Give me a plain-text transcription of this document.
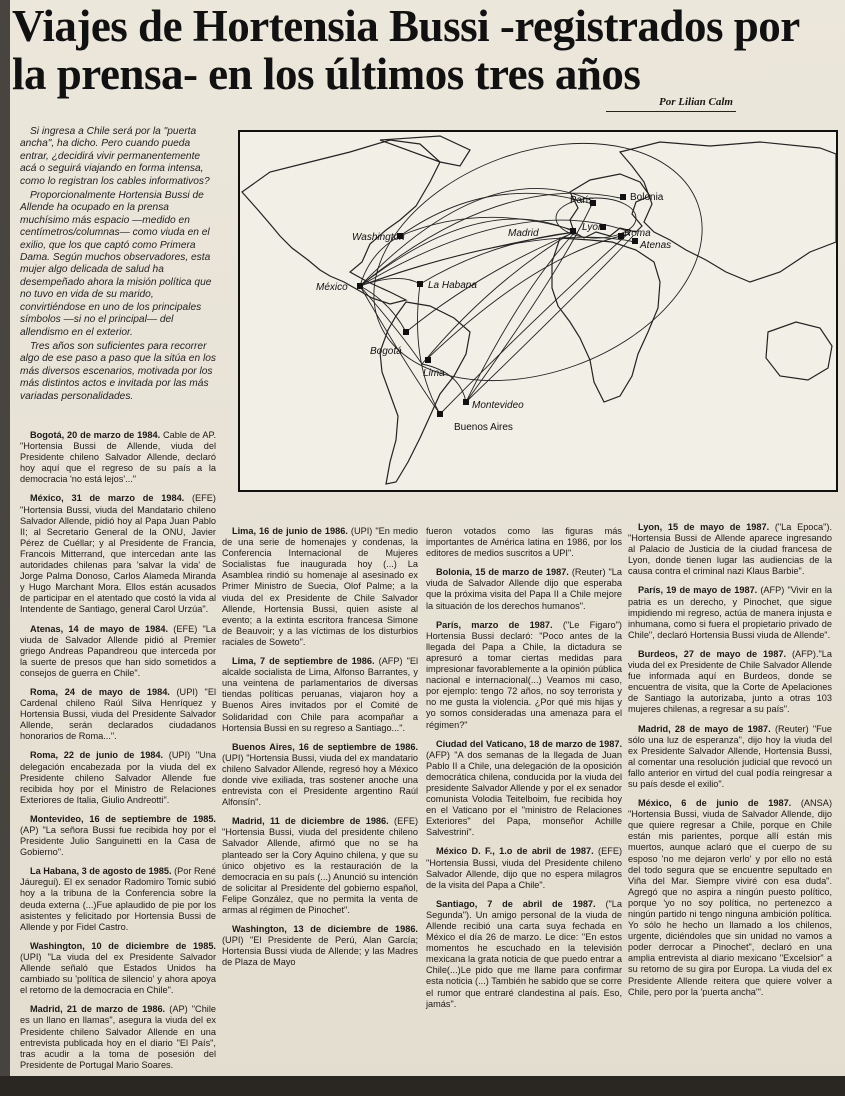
Viajes de Hortensia Bussi -registrados por la prensa- en los últimos tres años
Por Lilian Calm

Si ingresa a Chile será por la "puerta ancha", ha dicho. Pero cuando pueda entrar, ¿decidirá vivir permanentemente acá o seguirá viajando en forma intensa, como lo registran los cables informativos?

Proporcionalmente Hortensia Bussi de Allende ha ocupado en la prensa muchísimo más espacio —medido en centímetros/columnas— como viuda en el exilio, que los que captó como Primera Dama. Según muchos observadores, esta mujer algo delicada de salud ha desempeñado ahora la misión política que no tuvo en vida de su marido, convirtiéndose en uno de los principales símbolos —si no el principal— del allendismo en el exterior.

Tres años son suficientes para recorrer algo de ese paso a paso que la sitúa en los más diversos escenarios, motivada por los más distintos actos e invitada por las más variadas personalidades.

Washington
México	La Habana
Bogotá
Lima
Montevideo
Buenos Aires
Madrid
París
Lyon
Roma
Atenas
Bolonia

Bogotá, 20 de marzo de 1984. Cable de AP. "Hortensia Bussi de Allende, viuda del Presidente chileno Salvador Allende, declaró hoy aquí que el regreso de su país a la democracia 'no está lejos'..."

México, 31 de marzo de 1984. (EFE) "Hortensia Bussi, viuda del Mandatario chileno Salvador Allende, pidió hoy al Papa Juan Pablo II; al Secretario General de la ONU, Javier Pérez de Cuéllar; y al Presidente de Francia, Francois Mitterrand, que intercedan ante las autoridades chilenas para 'salvar la vida' de Jorge Palma Donoso, Carlos Alameda Miranda y Hugo Marchant Mora. Ellos están acusados de participar en el atentado que costó la vida al Intendente de Santiago, general Carol Urzúa".

Atenas, 14 de mayo de 1984. (EFE) "La viuda de Salvador Allende pidió al Premier griego Andreas Papandreou que interceda por la suerte de presos que han sido sometidos a consejos de guerra en Chile".

Roma, 24 de mayo de 1984. (UPI) "El Cardenal chileno Raúl Silva Henríquez y Hortensia Bussi, viuda del Presidente Salvador Allende, serán declarados ciudadanos honorarios de Roma...".

Roma, 22 de junio de 1984. (UPI) "Una delegación encabezada por la viuda del ex Presidente chileno Salvador Allende fue recibida hoy por el Ministro de Relaciones Exteriores de Italia, Giulio Andreotti".

Montevideo, 16 de septiembre de 1985. (AP) "La señora Bussi fue recibida hoy por el Presidente Julio Sanguinetti en la Casa de Gobierno".

La Habana, 3 de agosto de 1985. (Por René Jáuregui). El ex senador Radomiro Tomic subió hoy a la tribuna de la Conferencia sobre la deuda externa (...)Fue aplaudido de pie por los asistentes y felicitado por Hortensia Bussi de Allende y por Fidel Castro.

Washington, 10 de diciembre de 1985. (UPI) "La viuda del ex Presidente Salvador Allende señaló que Estados Unidos ha cambiado su 'política de silencio' y ahora apoya el retorno de la democracia en Chile".

Madrid, 21 de marzo de 1986. (AP) "Chile es un llano en llamas", asegura la viuda del ex Presidente chileno Salvador Allende en una entrevista publicada hoy en el diario "El País", tras acudir a la toma de posesión del Presidente de Portugal Mario Soares.

Lima, 16 de junio de 1986. (UPI) "En medio de una serie de homenajes y condenas, la Conferencia Internacional de Mujeres Socialistas fue inaugurada hoy (...) La Asamblea rindió su homenaje al asesinado ex Primer Ministro de Suecia, Olof Palme; a la viuda del ex Presidente de Chile Salvador Allende, Hortensia Bussi, quien asiste al evento; a la extinta escritora francesa Simone de Beauvoir; y a las víctimas de los disturbios raciales de Soweto".

Lima, 7 de septiembre de 1986. (AFP) "El alcalde socialista de Lima, Alfonso Barrantes, y una veintena de parlamentarios de diversas tiendas políticas peruanas, viajaron hoy a Buenos Aires invitados por el Comité de Solidaridad con Chile para acompañar a Hortensia Bussi en su regreso a Santiago...".

Buenos Aires, 16 de septiembre de 1986. (UPI) "Hortensia Bussi, viuda del ex mandatario chileno Salvador Allende, regresó hoy a México donde vive exiliada, tras sostener anoche una entrevista con el Presidente argentino Raúl Alfonsín".

Madrid, 11 de diciembre de 1986. (EFE) "Hortensia Bussi, viuda del presidente chileno Salvador Allende, afirmó que no se ha planteado ser la Cory Aquino chilena, y que su único objetivo es la restauración de la democracia en su país (...) Anunció su intención de solicitar al Presidente del gobierno español, Felipe González, que no permita la venta de armas al régimen de Pinochet".

Washington, 13 de diciembre de 1986. (UPI) "El Presidente de Perú, Alan García; Hortensia Bussi viuda de Allende; y las Madres de Plaza de Mayo

fueron votados como las figuras más importantes de América latina en 1986, por los editores de medios suscritos a UPI".

Bolonia, 15 de marzo de 1987. (Reuter) "La viuda de Salvador Allende dijo que esperaba que la próxima visita del Papa II a Chile mejore la situación de los derechos humanos".

París, marzo de 1987. ("Le Figaro") Hortensia Bussi declaró: "Poco antes de la llegada del Papa a Chile, la dictadura se apresuró a tomar ciertas medidas para impresionar favorablemente a la opinión pública nacional e internacional(...) Veamos mi caso, por ejemplo: tengo 72 años, no soy terrorista y no me gusta la violencia. ¿Por qué mis hijas y yo somos consideradas una amenaza para el régimen?"

Ciudad del Vaticano, 18 de marzo de 1987. (AFP) "A dos semanas de la llegada de Juan Pablo II a Chile, una delegación de la oposición democrática chilena, conducida por la viuda del presidente Salvador Allende y por el ex senador comunista Volodia Teitelboim, fue recibida hoy en el Vaticano por el "ministro de Relaciones Exteriores" del Papa, monseñor Achille Salvestrini".

México D. F., 1.o de abril de 1987. (EFE) "Hortensia Bussi, viuda del Presidente chileno Salvador Allende, dijo que no espera milagros de la visita del Papa a Chile".

Santiago, 7 de abril de 1987. ("La Segunda"). Un amigo personal de la viuda de Allende recibió una carta suya fechada en México el día 26 de marzo. Le dice: "En estos momentos he escuchado en la televisión mexicana la grata noticia de que puedo entrar a Chile(...)Le pido que me llame para confirmar esta noticia (...) También he sabido que se corre el rumor que entraré clandestina al país. Eso, jamás".

Lyon, 15 de mayo de 1987. ("La Epoca"). "Hortensia Bussi de Allende aparece ingresando al Palacio de Justicia de la ciudad francesa de Lyon, donde tienen lugar las audiencias de la causa contra el criminal nazi Klaus Barbie".

París, 19 de mayo de 1987. (AFP) "Vivir en la patria es un derecho, y Pinochet, que sigue impidiendo mi regreso, actúa de manera injusta e inhumana, como si fuera el propietario privado de Chile", declaró Hortensia Bussi viuda de Allende".

Burdeos, 27 de mayo de 1987. (AFP)."La viuda del ex Presidente de Chile Salvador Allende fue informada aquí en Burdeos, donde se encuentra de visita, que la Corte de Apelaciones de Santiago la autorizaba, junto a otras 103 mujeres chilenas, a regresar a su país".

Madrid, 28 de mayo de 1987. (Reuter) "Fue sólo una luz de esperanza", dijo hoy la viuda del ex Presidente Salvador Allende, Hortensia Bussi, al comentar una resolución judicial que revocó un fallo anterior en virtud del cual podía reingresar a su país desde el exilio".

México, 6 de junio de 1987. (ANSA) "Hortensia Bussi, viuda de Salvador Allende, dijo que quiere regresar a Chile, porque en Chile están mis parientes, porque allí están mis muertos, aunque aclaró que el cuerpo de su esposo 'no me dejaron verlo' y por ello no está del todo segura que se encuentre sepultado en Viña del Mar. Siempre viviré con esa duda". Agregó que no aspira a ningún puesto político, porque 'yo no soy política, no pertenezco a ningún partido ni tengo ninguna ambición política. Yo sólo he hecho un llamado a los chilenos, urgente, diciéndoles que sin unidad no vamos a poder derrocar a Pinochet", declaró en una amplia entrevista al diario mexicano "Excelsior" a su retorno de su gira por Europa. La viuda del ex Presidente Allende reitera que quiere volver a Chile, pero por la 'puerta ancha'".
